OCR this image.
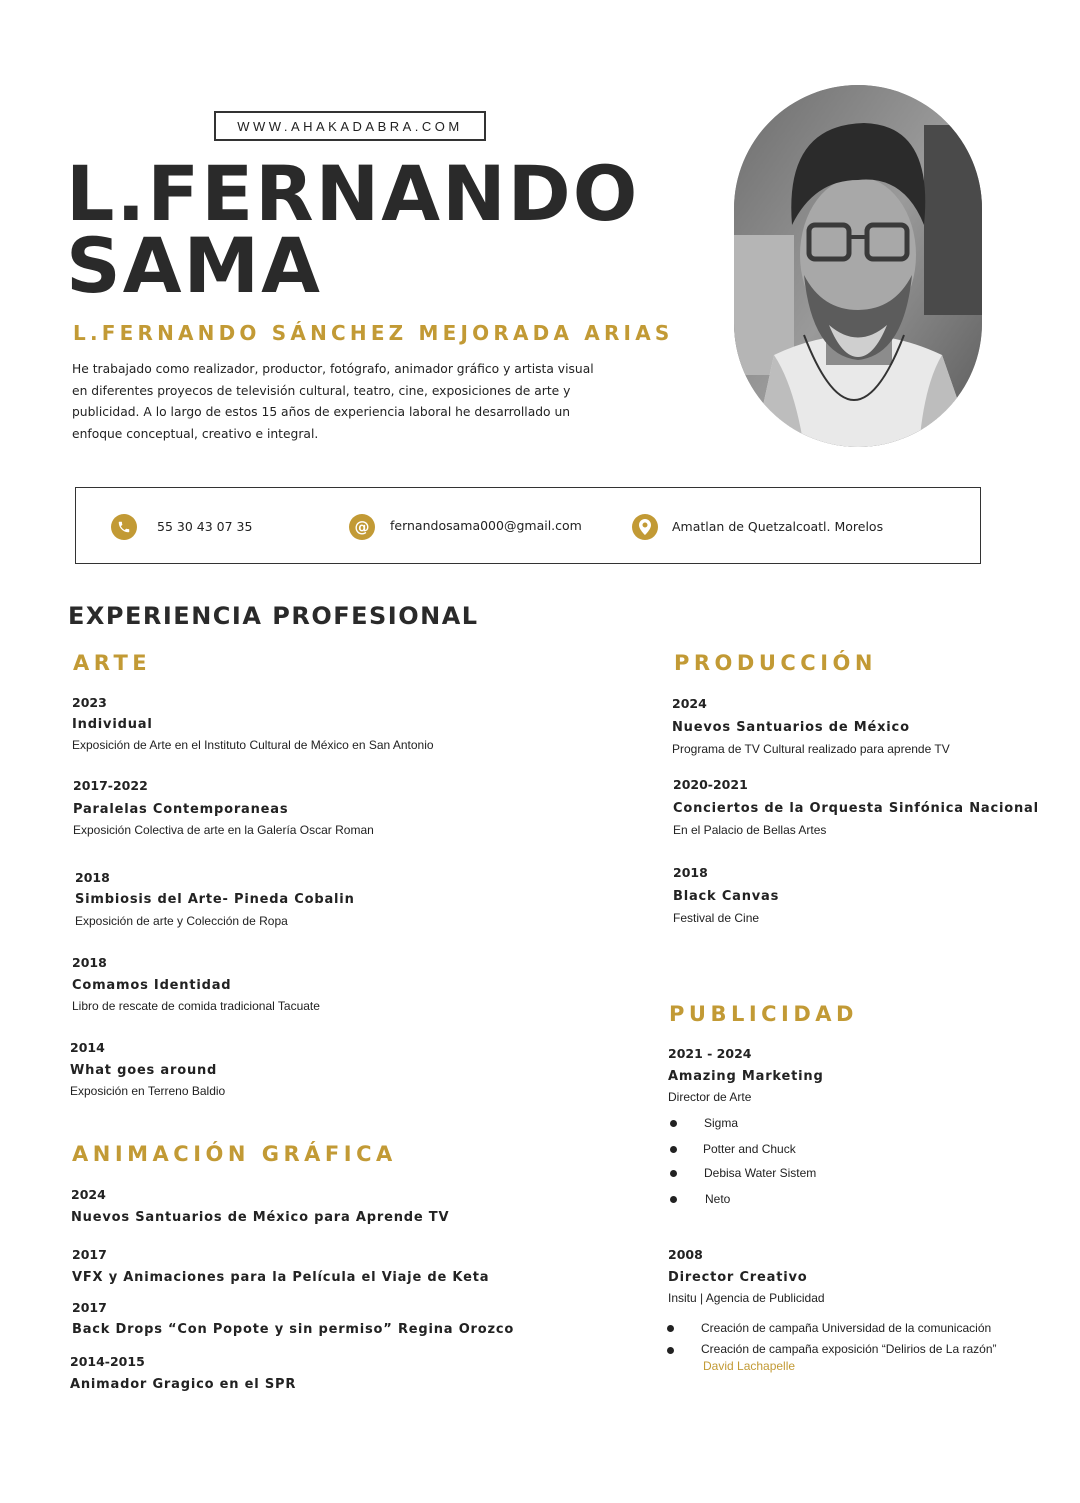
WWW.AHAKADABRA.COM
L.FERNANDO
SAMA
L.FERNANDO SÁNCHEZ MEJORADA ARIAS
He trabajado como realizador, productor, fotógrafo, animador gráfico y artista visual
en diferentes proyecos de televisión cultural, teatro, cine, exposiciones de arte y
publicidad. A lo largo de estos 15 años de experiencia laboral he desarrollado un
enfoque conceptual, creativo e integral.
55 30 43 07 35	@ fernandosama000@gmail.com	Amatlan de Quetzalcoatl. Morelos
EXPERIENCIA PROFESIONAL
ARTE
2023
Individual
Exposición de Arte en el Instituto Cultural de México en San Antonio
2017-2022
Paralelas Contemporaneas
Exposición Colectiva de arte en la Galería Oscar Roman
2018
Simbiosis del Arte- Pineda Cobalin
Exposición de arte y Colección de Ropa
2018
Comamos Identidad
Libro de rescate de comida tradicional Tacuate
2014
What goes around
Exposición en Terreno Baldio
ANIMACIÓN GRÁFICA
2024
Nuevos Santuarios de México para Aprende TV
2017
VFX y Animaciones para la Película el Viaje de Keta
2017
Back Drops “Con Popote y sin permiso” Regina Orozco
2014-2015
Animador Gragico en el SPR
PRODUCCIÓN
2024
Nuevos Santuarios de México
Programa de TV Cultural realizado para aprende TV
2020-2021
Conciertos de la Orquesta Sinfónica Nacional
En el Palacio de Bellas Artes
2018
Black Canvas
Festival de Cine
PUBLICIDAD
2021 - 2024
Amazing Marketing
Director de Arte
Sigma
Potter and Chuck
Debisa Water Sistem
Neto
2008
Director Creativo
Insitu | Agencia de Publicidad
Creación de campaña Universidad de la comunicación
Creación de campaña exposición “Delirios de La razón”
David Lachapelle
